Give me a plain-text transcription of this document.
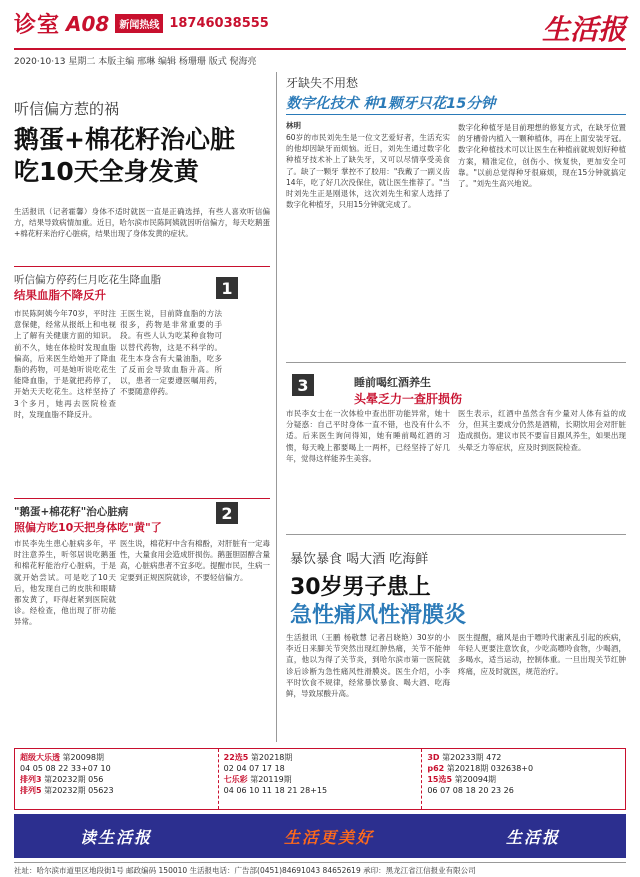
诊室 A08	新闻热线 18746038555	生活报
2020·10·13 星期二 本版主编 邢琳 编辑 杨珊珊 版式 倪海亮
听信偏方惹的祸
鹅蛋+棉花籽治心脏
吃10天全身发黄
生活报讯（记者霍馨）身体不适时就医一直是正确选择，有些人喜欢听信偏方，结果导致病情加重。近日，哈尔滨市民陈阿姨就因听信偏方，每天吃鹅蛋+棉花籽来治疗心脏病，结果出现了身体发黄的症状。
听信偏方停药仨月吃花生降血脂
结果血脂不降反升	1
市民陈阿姨今年70岁，平时注意保健，经常从报纸上和电视上了解有关健康方面的知识。前不久，她在体检时发现血脂偏高，后来医生给她开了降血脂的药物，可是她听说吃花生能降血脂，于是就把药停了，开始天天吃花生。这样坚持了3个多月，她再去医院检查时，发现血脂不降反升。
王医生说，目前降血脂的方法很多，药物是非常重要的手段。有些人认为吃某种食物可以替代药物，这是不科学的。花生本身含有大量油脂，吃多了反而会导致血脂升高。所以，患者一定要遵医嘱用药，不要随意停药。
2
"鹅蛋+棉花籽"治心脏病
照偏方吃10天把身体吃"黄"了
市民李先生患心脏病多年，平时注意养生，听邻居说吃鹅蛋和棉花籽能治疗心脏病，于是就开始尝试。可是吃了10天后，他发现自己的皮肤和眼睛都发黄了，吓得赶紧到医院就诊。经检查，他出现了肝功能异常。
医生说，棉花籽中含有棉酚，对肝脏有一定毒性，大量食用会造成肝损伤。鹅蛋胆固醇含量高，心脏病患者不宜多吃。提醒市民，生病一定要到正规医院就诊，不要轻信偏方。
牙缺失不用愁
数字化技术 种1颗牙只花15分钟
林明
60岁的市民刘先生是一位文艺爱好者，生活充实的他却因缺牙而烦恼。近日，刘先生通过数字化种植牙技术补上了缺失牙，又可以尽情享受美食了。缺了一颗牙 掌控不了胶用："我戴了一副义齿14年，吃了好几次没保住，就让医生推荐了。"当时刘先生正是刚退休，这次刘先生和家人选择了数字化种植牙，只用15分钟就完成了。
数字化种植牙是目前理想的修复方式，在缺牙位置的牙槽骨内植入一颗种植体，再在上面安装牙冠。数字化种植技术可以让医生在种植前就规划好种植方案，精准定位，创伤小、恢复快，更加安全可靠。"以前总觉得种牙很麻烦，现在15分钟就搞定了。"刘先生高兴地说。
3	睡前喝红酒养生
头晕乏力一查肝损伤
市民李女士在一次体检中查出肝功能异常，她十分疑惑：自己平时身体一直不错，也没有什么不适。后来医生询问得知，她有睡前喝红酒的习惯，每天晚上都要喝上一两杯，已经坚持了好几年，觉得这样能养生美容。
医生表示，红酒中虽然含有少量对人体有益的成分，但其主要成分仍然是酒精，长期饮用会对肝脏造成损伤。建议市民不要盲目跟风养生，如果出现头晕乏力等症状，应及时到医院检查。
暴饮暴食 喝大酒 吃海鲜
30岁男子患上
急性痛风性滑膜炎
生活报讯（王鹏 杨敬慧 记者吕晓艳）30岁的小李近日来脚关节突然出现红肿热痛，关节不能伸直，他以为得了关节炎，到哈尔滨市第一医院就诊后诊断为急性痛风性滑膜炎。医生介绍，小李平时饮食不规律，经常暴饮暴食、喝大酒、吃海鲜，导致尿酸升高。
医生提醒，痛风是由于嘌呤代谢紊乱引起的疾病，年轻人更要注意饮食，少吃高嘌呤食物，少喝酒，多喝水，适当运动，控制体重。一旦出现关节红肿疼痛，应及时就医，规范治疗。
超级大乐透 第20098期
04 05 08 22 33+07 10
排列3 第20232期 056
排列5 第20232期 05623
22选5 第20218期
02 04 07 17 18
七乐彩 第20119期
04 06 10 11 18 21 28+15
3D 第20233期 472
p62 第20218期 032638+0
15选5 第20094期
06 07 08 18 20 23 26
读生活报	生活更美好	生活报
社址：哈尔滨市道里区地段街1号 邮政编码 150010 生活报电话：广告部(0451)84691043 84652619 承印：黑龙江省江信报业有限公司
